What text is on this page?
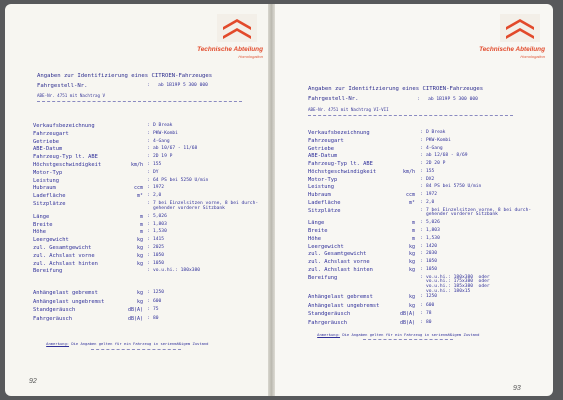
Technische Abteilung
Homologation
Angaben zur Identifizierung eines CITROEN-Fahrzeuges
Fahrgestell-Nr.	:   ab 1B19P 5 300 000
ABE-Nr. 4751 mit Nachtrag V
Verkaufsbezeichnung	: D Break
Fahrzeugart	: PKW-Kombi
Getriebe	: 4-Gang
ABE-Datum	: ab 10/67 - 11/68
Fahrzeug-Typ lt. ABE	: 2D 19 P
Höchstgeschwindigkeit	km/h : 155
Motor-Typ	: DY
Leistung	: 64 PS bei 5250 U/min
Hubraum	ccm : 1972
Ladefläche	m² : 2,0
Sitzplätze	: 7 bei Einzelsitzen vorne, 8 bei durch-
gehender vorderer Sitzbank
Länge	m : 5,026
Breite	m : 1,803
Höhe	m : 1,530
Leergewicht	kg : 1415
zul. Gesamtgewicht	kg : 2025
zul. Achslast vorne	kg : 1050
zul. Achslast hinten	kg : 1050
Bereifung	: vo.u.hi.: 180x380
Anhängelast gebremst	kg : 1250
Anhängelast ungebremst	kg : 600
Standgeräusch	dB(A) : 75
Fahrgeräusch	dB(A) : 80

Anmerkung: Die Angaben gelten für ein Fahrzeug in serienmäßigem Zustand

92
Technische Abteilung
Homologation
Angaben zur Identifizierung eines CITROEN-Fahrzeuges
Fahrgestell-Nr.	:   ab 1B19P 5 300 000
ABE-Nr. 4751 mit Nachtrag VI-VII
Verkaufsbezeichnung	: D Break
Fahrzeugart	: PKW-Kombi
Getriebe	: 4-Gang
ABE-Datum	: ab 12/68 - 8/69
Fahrzeug-Typ lt. ABE	: 2D 20 P
Höchstgeschwindigkeit	km/h : 155
Motor-Typ	: DX2
Leistung	: 84 PS bei 5750 U/min
Hubraum	ccm : 1972
Ladefläche	m² : 2,0
Sitzplätze	: 7 bei Einzelsitzen vorne, 8 bei durch-
gehender vorderer Sitzbank
Länge	m : 5,026
Breite	m : 1,803
Höhe	m : 1,530
Leergewicht	kg : 1420
zul. Gesamtgewicht	kg : 2030
zul. Achslast vorne	kg : 1050
zul. Achslast hinten	kg : 1050
Bereifung	: vo.u.hi.: 180x380  oder
vo.u.hi.: 175x380  oder
vo.u.hi.: 185x380  oder
vo.u.hi.: 180x15
Anhängelast gebremst	kg : 1250
Anhängelast ungebremst	kg : 600
Standgeräusch	dB(A) : 78
Fahrgeräusch	dB(A) : 80

Anmerkung: Die Angaben gelten für ein Fahrzeug in serienmäßigem Zustand

93
